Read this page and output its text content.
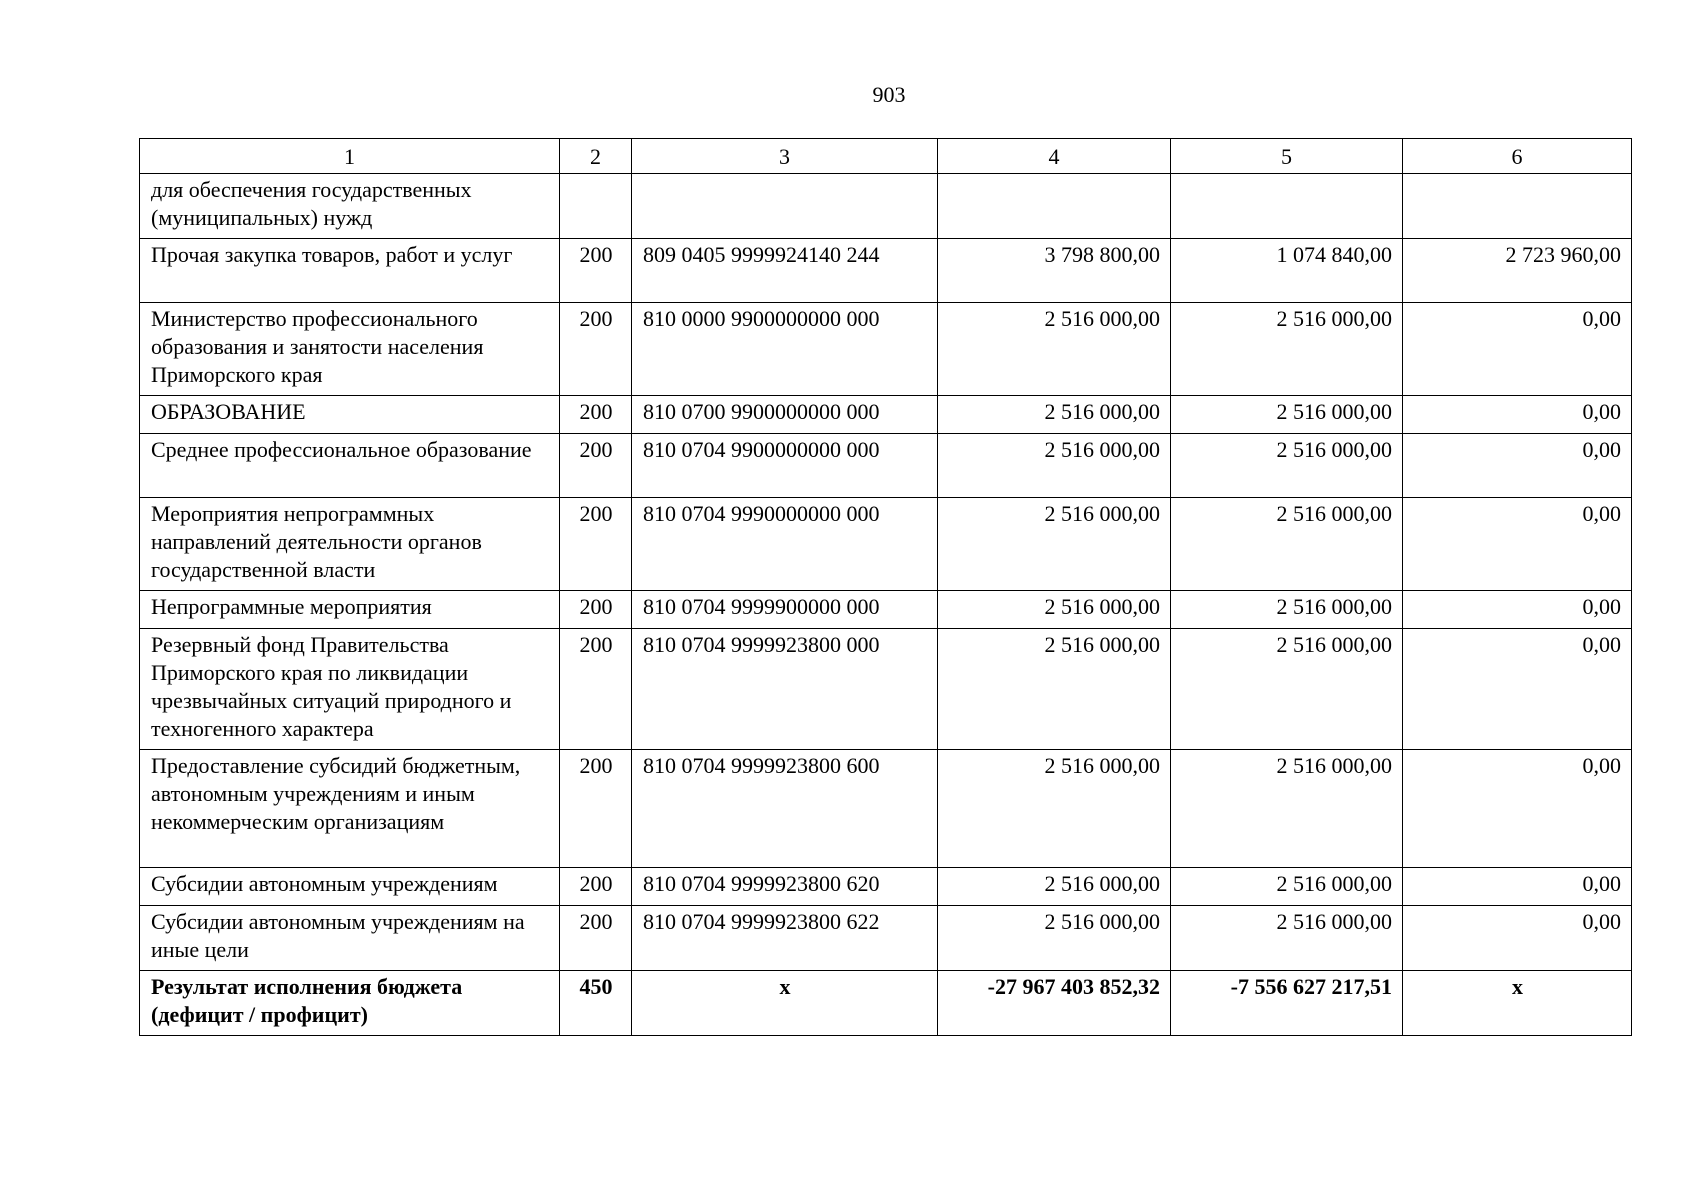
903
1	2	3	4	5	6
для обеспечения государственных (муниципальных) нужд					
Прочая закупка товаров, работ и услуг	200	809 0405 9999924140 244	3 798 800,00	1 074 840,00	2 723 960,00
Министерство профессионального образования и занятости населения Приморского края	200	810 0000 9900000000 000	2 516 000,00	2 516 000,00	0,00
ОБРАЗОВАНИЕ	200	810 0700 9900000000 000	2 516 000,00	2 516 000,00	0,00
Среднее профессиональное образование	200	810 0704 9900000000 000	2 516 000,00	2 516 000,00	0,00
Мероприятия непрограммных направлений деятельности органов государственной власти	200	810 0704 9990000000 000	2 516 000,00	2 516 000,00	0,00
Непрограммные мероприятия	200	810 0704 9999900000 000	2 516 000,00	2 516 000,00	0,00
Резервный фонд Правительства Приморского края по ликвидации чрезвычайных ситуаций природного и техногенного характера	200	810 0704 9999923800 000	2 516 000,00	2 516 000,00	0,00
Предоставление субсидий бюджетным, автономным учреждениям и иным некоммерческим организациям	200	810 0704 9999923800 600	2 516 000,00	2 516 000,00	0,00
Субсидии автономным учреждениям	200	810 0704 9999923800 620	2 516 000,00	2 516 000,00	0,00
Субсидии автономным учреждениям на иные цели	200	810 0704 9999923800 622	2 516 000,00	2 516 000,00	0,00
Результат исполнения бюджета (дефицит / профицит)	450	x	-27 967 403 852,32	-7 556 627 217,51	x
